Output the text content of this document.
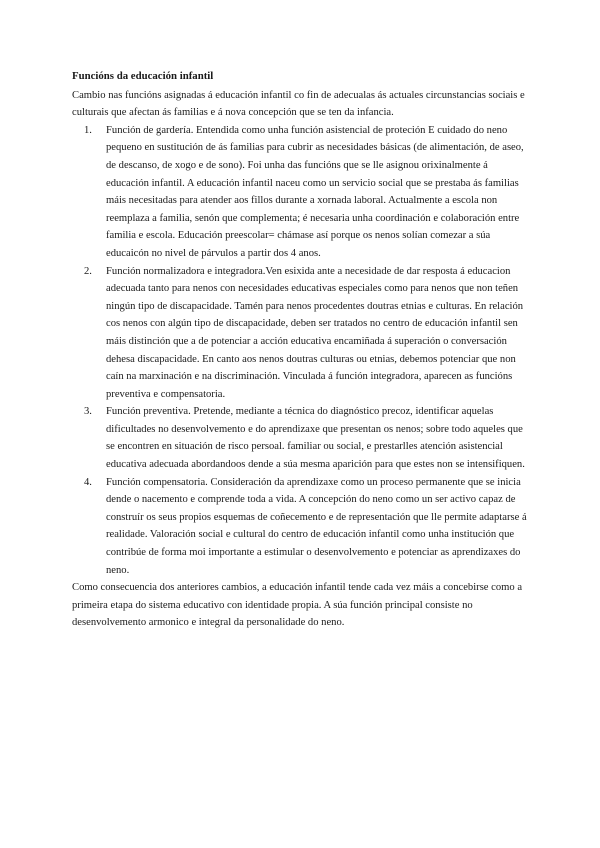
Funcións da educación infantil

Cambio nas funcións asignadas á educación infantil co fin de adecualas ás actuales circunstancias sociais e culturais que afectan ás familias e á nova concepción que se ten da infancia.

1. Función de gardería. Entendida como unha función asistencial de proteción E cuidado do neno pequeno en sustitución de ás familias para cubrir as necesidades básicas (de alimentación, de aseo, de descanso, de xogo e de sono). Foi unha das funcións que se lle asignou orixinalmente á educación infantil. A educación infantil naceu como un servicio social que se prestaba ás familias máis necesitadas para atender aos fillos durante a xornada laboral. Actualmente a escola non reemplaza a familia, senón que complementa; é necesaria unha coordinación e colaboración entre familia e escola. Educación preescolar= chámase así porque os nenos solían comezar a súa educaicón no nivel de párvulos a partir dos 4 anos.
2. Función normalizadora e integradora.Ven esixida ante a necesidade de dar resposta á educacion adecuada tanto para nenos con necesidades educativas especiales como para nenos que non teñen ningún tipo de discapacidade. Tamén para nenos procedentes doutras etnias e culturas. En relación cos nenos con algún tipo de discapacidade, deben ser tratados no centro de educación infantil sen máis distinción que a de potenciar a acción educativa encamiñada á superación o conversación dehesa discapacidade. En canto aos nenos doutras culturas ou etnias, debemos potenciar que non caín na marxinación e na discriminación. Vinculada á función integradora, aparecen as funcións preventiva e compensatoria.
3. Función preventiva. Pretende, mediante a técnica do diagnóstico precoz, identificar aquelas dificultades no desenvolvemento e do aprendizaxe que presentan os nenos; sobre todo aqueles que se encontren en situación de risco persoal. familiar ou social, e prestarlles atención asistencial educativa adecuada abordandoos dende a súa mesma aparición para que estes non se intensifiquen.
4. Función compensatoria. Consideración da aprendizaxe como un proceso permanente que se inicia dende o nacemento e comprende toda a vida. A concepción do neno como un ser activo capaz de construír os seus propios esquemas de coñecemento e de representación que lle permite adaptarse á realidade. Valoración social e cultural do centro de educación infantil como unha institución que contribúe de forma moi importante a estimular o desenvolvemento e potenciar as aprendizaxes do neno.

Como consecuencia dos anteriores cambios, a educación infantil tende cada vez máis a concebirse como a primeira etapa do sistema educativo con identidade propia. A súa función principal consiste no desenvolvemento armonico e integral da personalidade do neno.
